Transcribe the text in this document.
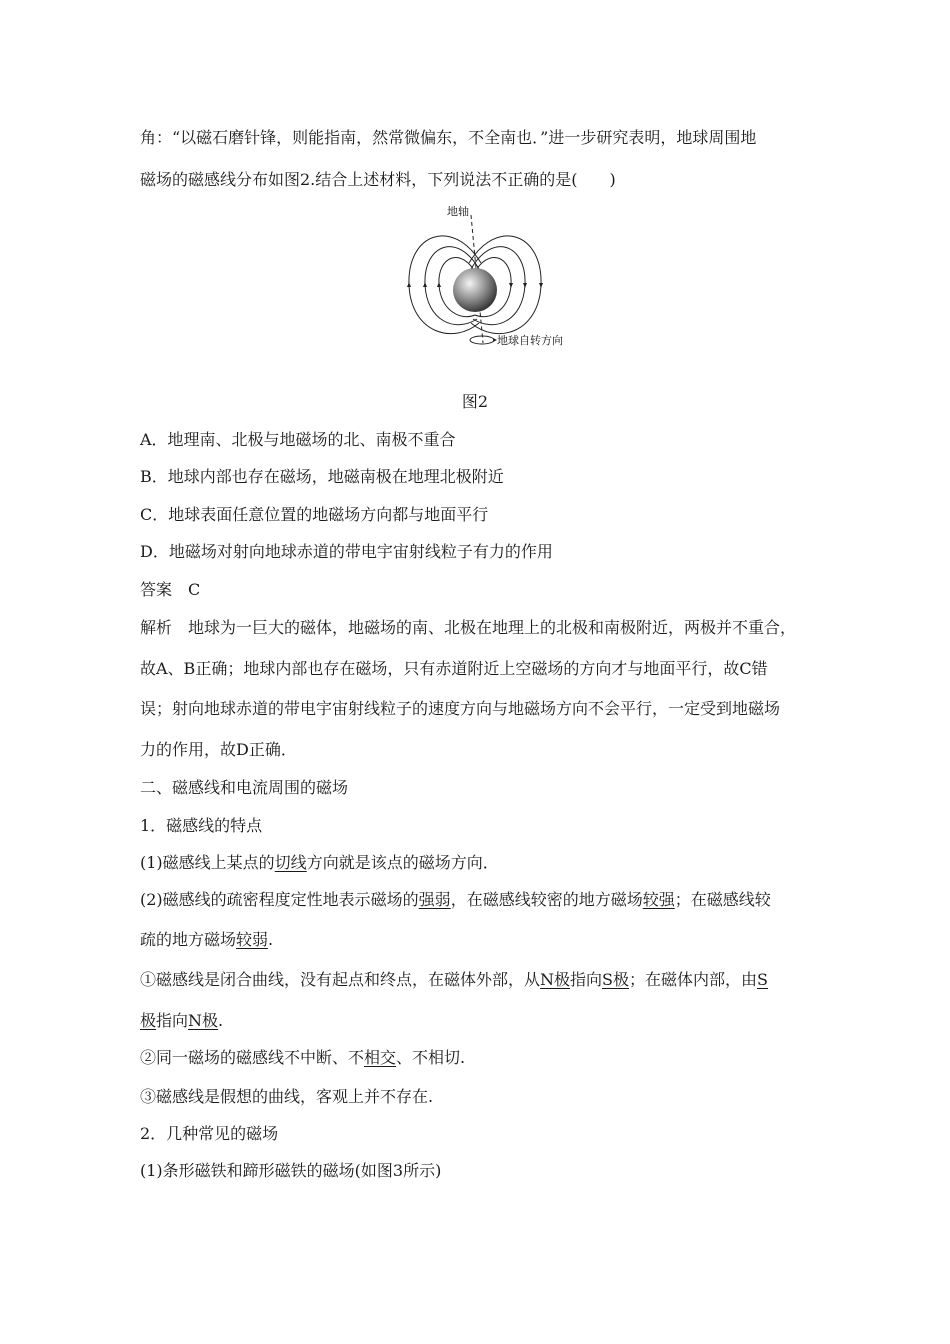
角：“以磁石磨针锋，则能指南，然常微偏东，不全南也．”进一步研究表明，地球周围地
磁场的磁感线分布如图2.结合上述材料，下列说法不正确的是(　　)
地轴
地球自转方向
图2
A．地理南、北极与地磁场的北、南极不重合
B．地球内部也存在磁场，地磁南极在地理北极附近
C．地球表面任意位置的地磁场方向都与地面平行
D．地磁场对射向地球赤道的带电宇宙射线粒子有力的作用
答案　C
解析　地球为一巨大的磁体，地磁场的南、北极在地理上的北极和南极附近，两极并不重合，
故A、B正确；地球内部也存在磁场，只有赤道附近上空磁场的方向才与地面平行，故C错
误；射向地球赤道的带电宇宙射线粒子的速度方向与地磁场方向不会平行，一定受到地磁场
力的作用，故D正确．
二、磁感线和电流周围的磁场
1．磁感线的特点
(1)磁感线上某点的切线方向就是该点的磁场方向．
(2)磁感线的疏密程度定性地表示磁场的强弱，在磁感线较密的地方磁场较强；在磁感线较
疏的地方磁场较弱.
①磁感线是闭合曲线，没有起点和终点，在磁体外部，从N极指向S极；在磁体内部，由S
极指向N极.
②同一磁场的磁感线不中断、不相交、不相切.
③磁感线是假想的曲线，客观上并不存在.
2．几种常见的磁场
(1)条形磁铁和蹄形磁铁的磁场(如图3所示)
